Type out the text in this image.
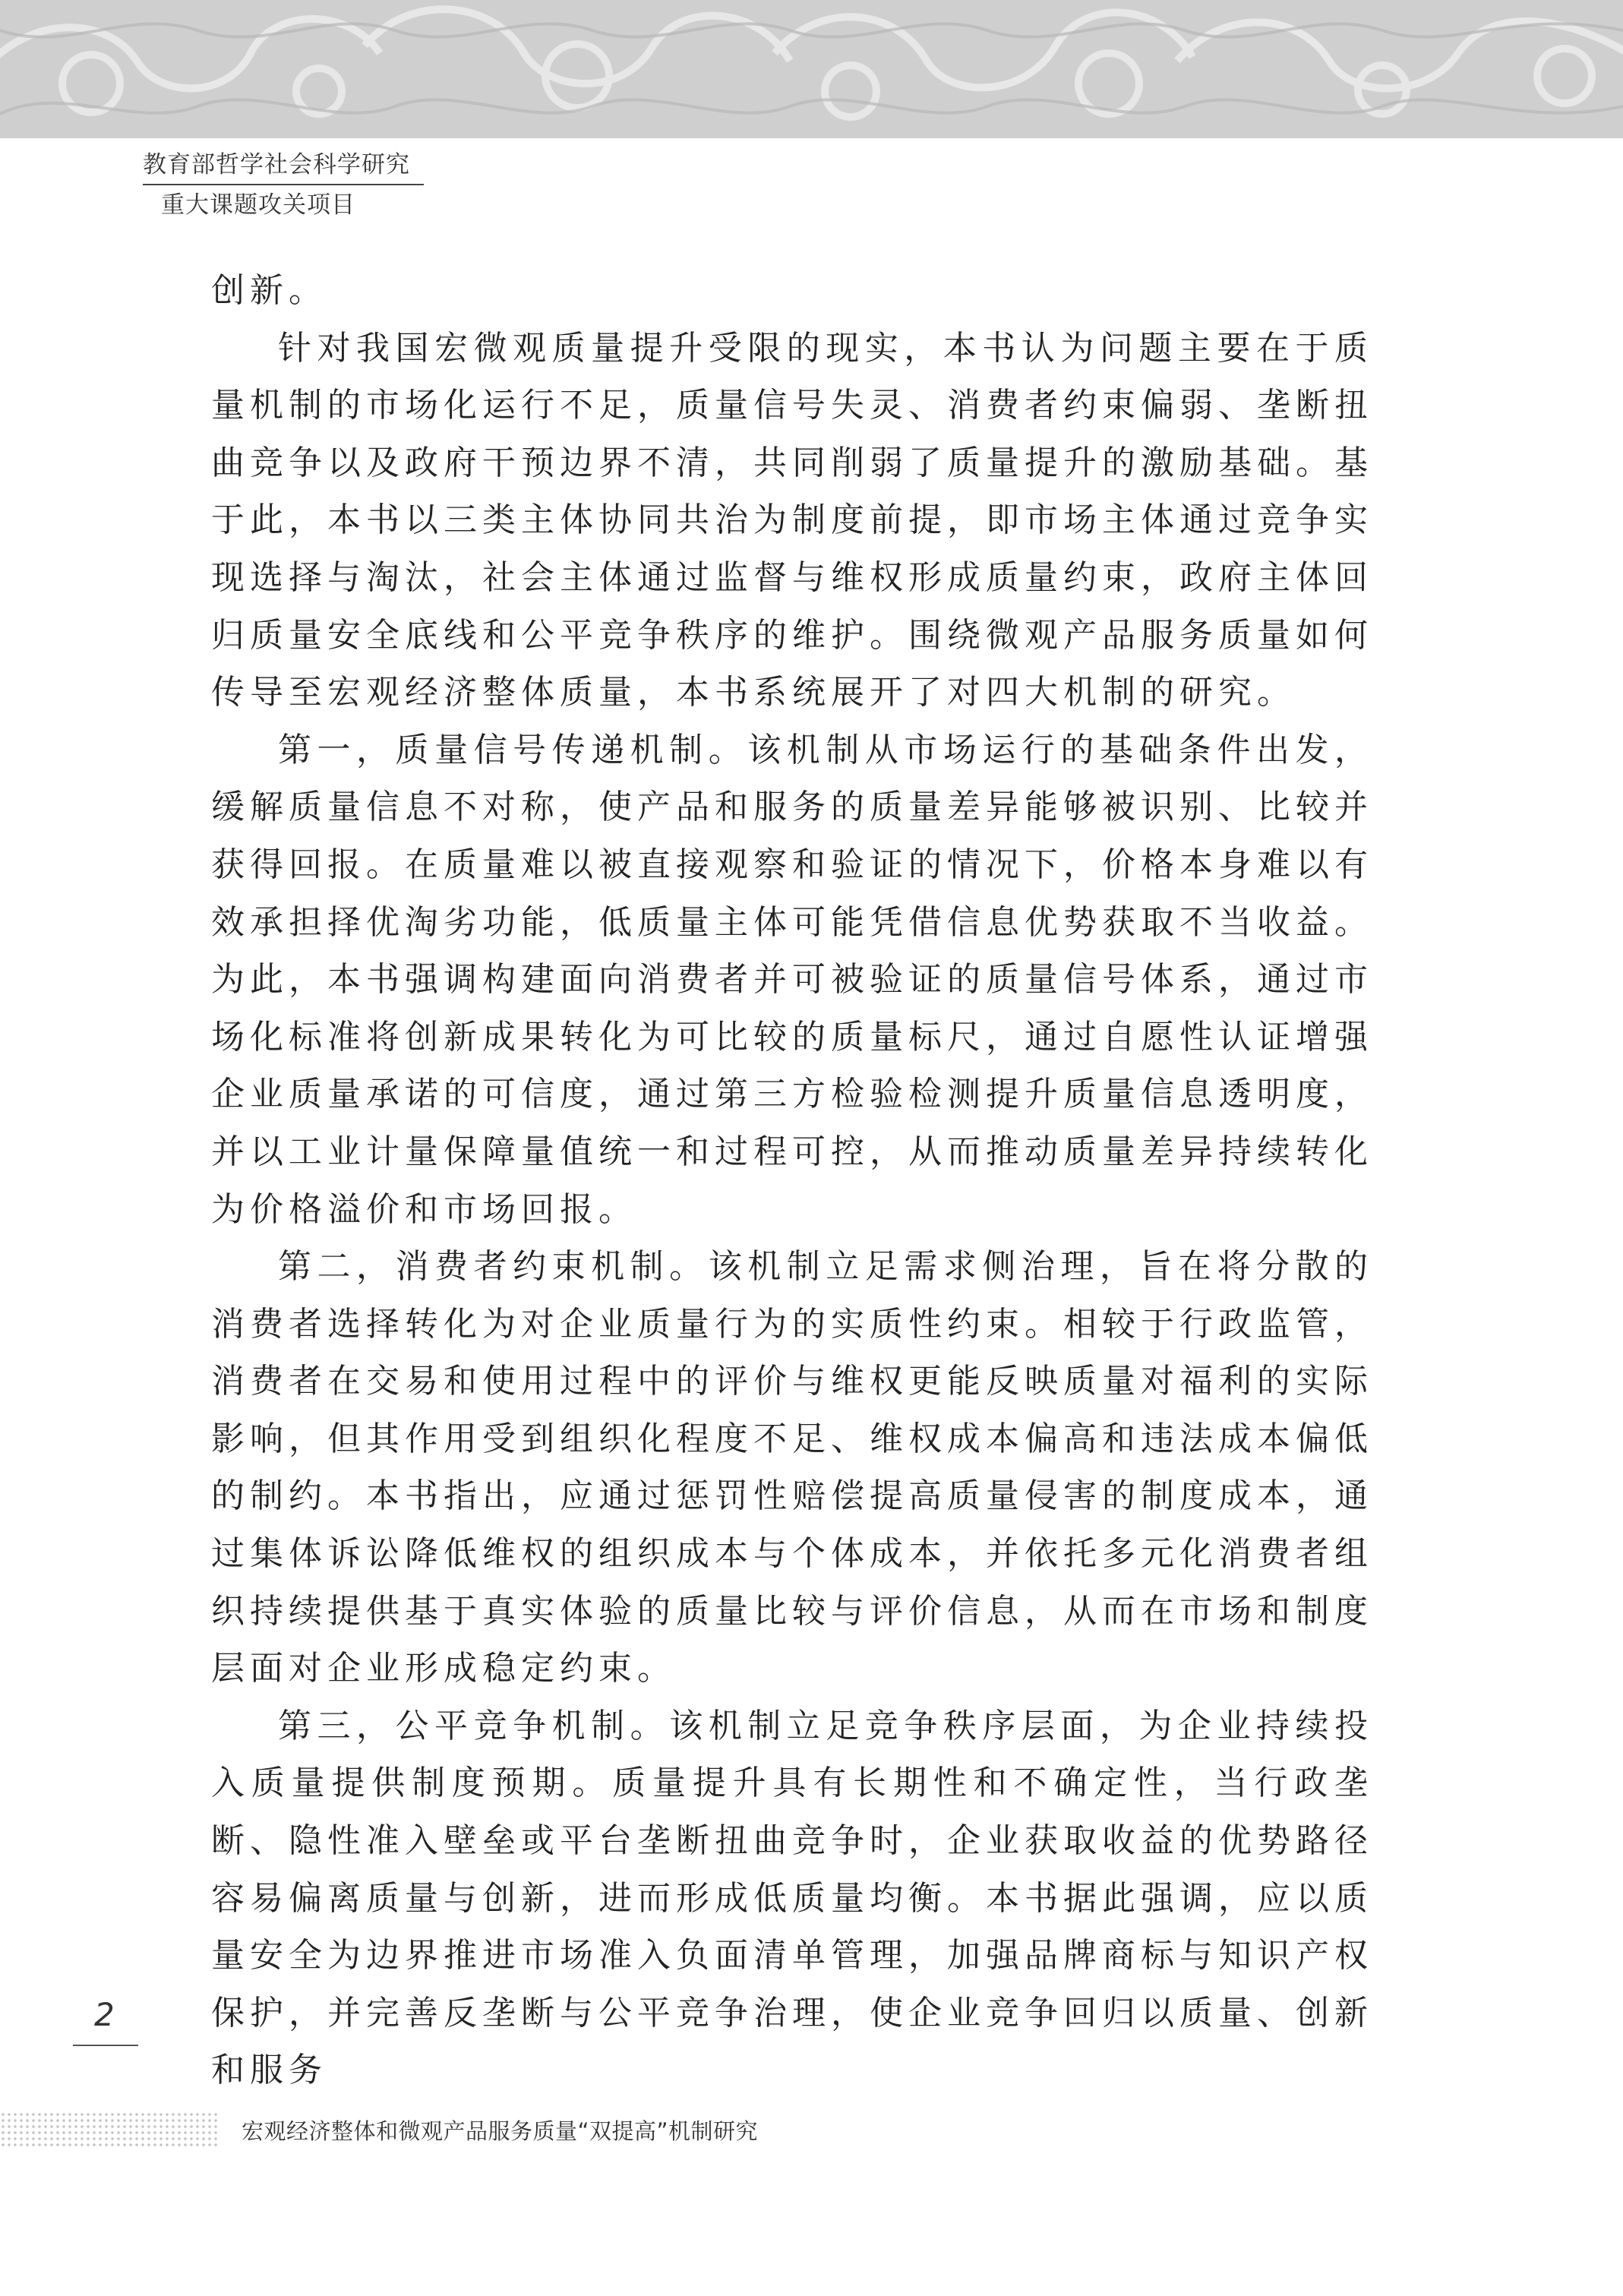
教育部哲学社会科学研究
重大课题攻关项目

创新。

针对我国宏微观质量提升受限的现实，本书认为问题主要在于质量机制的市场化运行不足，质量信号失灵、消费者约束偏弱、垄断扭曲竞争以及政府干预边界不清，共同削弱了质量提升的激励基础。基于此，本书以三类主体协同共治为制度前提，即市场主体通过竞争实现选择与淘汰，社会主体通过监督与维权形成质量约束，政府主体回归质量安全底线和公平竞争秩序的维护。围绕微观产品服务质量如何传导至宏观经济整体质量，本书系统展开了对四大机制的研究。

第一，质量信号传递机制。该机制从市场运行的基础条件出发，缓解质量信息不对称，使产品和服务的质量差异能够被识别、比较并获得回报。在质量难以被直接观察和验证的情况下，价格本身难以有效承担择优淘劣功能，低质量主体可能凭借信息优势获取不当收益。为此，本书强调构建面向消费者并可被验证的质量信号体系，通过市场化标准将创新成果转化为可比较的质量标尺，通过自愿性认证增强企业质量承诺的可信度，通过第三方检验检测提升质量信息透明度，并以工业计量保障量值统一和过程可控，从而推动质量差异持续转化为价格溢价和市场回报。

第二，消费者约束机制。该机制立足需求侧治理，旨在将分散的消费者选择转化为对企业质量行为的实质性约束。相较于行政监管，消费者在交易和使用过程中的评价与维权更能反映质量对福利的实际影响，但其作用受到组织化程度不足、维权成本偏高和违法成本偏低的制约。本书指出，应通过惩罚性赔偿提高质量侵害的制度成本，通过集体诉讼降低维权的组织成本与个体成本，并依托多元化消费者组织持续提供基于真实体验的质量比较与评价信息，从而在市场和制度层面对企业形成稳定约束。

第三，公平竞争机制。该机制立足竞争秩序层面，为企业持续投入质量提供制度预期。质量提升具有长期性和不确定性，当行政垄断、隐性准入壁垒或平台垄断扭曲竞争时，企业获取收益的优势路径容易偏离质量与创新，进而形成低质量均衡。本书据此强调，应以质量安全为边界推进市场准入负面清单管理，加强品牌商标与知识产权保护，并完善反垄断与公平竞争治理，使企业竞争回归以质量、创新和服务

2
宏观经济整体和微观产品服务质量“双提高”机制研究
